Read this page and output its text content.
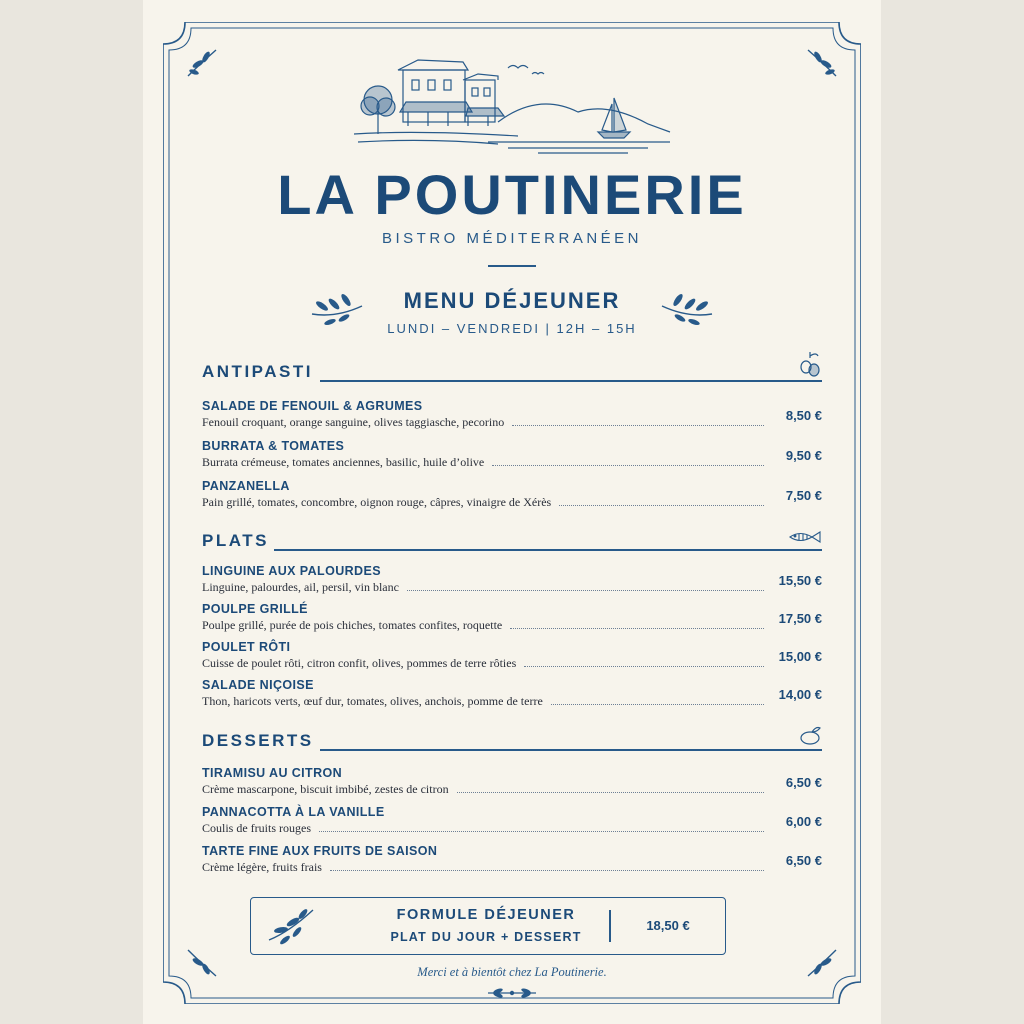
LA POUTINERIE
BISTRO MÉDITERRANÉEN
MENU DÉJEUNER
LUNDI – VENDREDI | 12H – 15H
ANTIPASTI
SALADE DE FENOUIL & AGRUMES
Fenouil croquant, orange sanguine, olives taggiasche, pecorino	8,50 €
BURRATA & TOMATES
Burrata crémeuse, tomates anciennes, basilic, huile d’olive	9,50 €
PANZANELLA
Pain grillé, tomates, concombre, oignon rouge, câpres, vinaigre de Xérès	7,50 €
PLATS
LINGUINE AUX PALOURDES
Linguine, palourdes, ail, persil, vin blanc	15,50 €
POULPE GRILLÉ
Poulpe grillé, purée de pois chiches, tomates confites, roquette	17,50 €
POULET RÔTI
Cuisse de poulet rôti, citron confit, olives, pommes de terre rôties	15,00 €
SALADE NIÇOISE
Thon, haricots verts, œuf dur, tomates, olives, anchois, pomme de terre	14,00 €
DESSERTS
TIRAMISU AU CITRON
Crème mascarpone, biscuit imbibé, zestes de citron	6,50 €
PANNACOTTA À LA VANILLE
Coulis de fruits rouges	6,00 €
TARTE FINE AUX FRUITS DE SAISON
Crème légère, fruits frais	6,50 €
FORMULE DÉJEUNER
PLAT DU JOUR + DESSERT
18,50 €
Merci et à bientôt chez La Poutinerie.
